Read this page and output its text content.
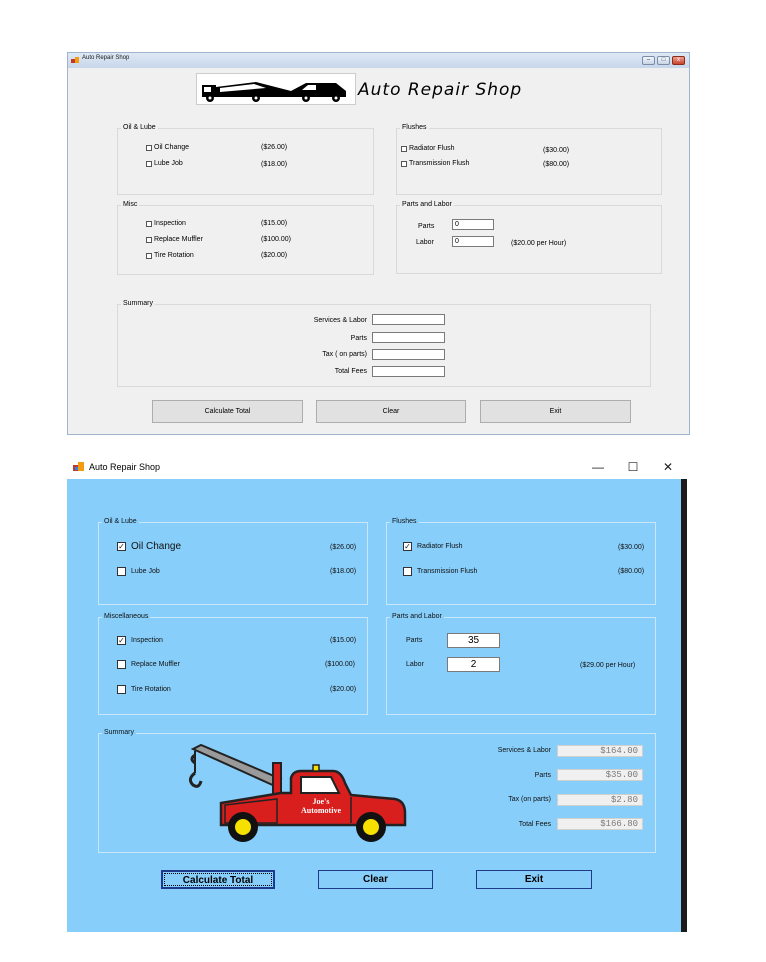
Auto Repair Shop	–	□	x
Auto Repair Shop
Oil & Lube
Oil Change	($26.00)
Lube Job	($18.00)
Flushes
Radiator Flush	($30.00)
Transmission Flush	($80.00)
Misc
Inspection	($15.00)
Replace Muffler	($100.00)
Tire Rotation	($20.00)
Parts and Labor
Parts	0
Labor	0	($20.00 per Hour)
Summary
Services & Labor
Parts
Tax ( on parts)
Total Fees
Calculate Total	Clear	Exit
Auto Repair Shop	—	☐	✕
Oil & Lube
✓ Oil Change	($26.00)
Lube Job	($18.00)
Flushes
✓ Radiator Flush	($30.00)
Transmission Flush	($80.00)
Miscellaneous
✓ Inspection	($15.00)
Replace Muffler	($100.00)
Tire Rotation	($20.00)
Parts and Labor
Parts	35
Labor	2	($29.00 per Hour)
Summary
Joe's
Automotive
Services & Labor	$164.00
Parts	$35.00
Tax (on parts)	$2.80
Total Fees	$166.80
Calculate Total	Clear	Exit
